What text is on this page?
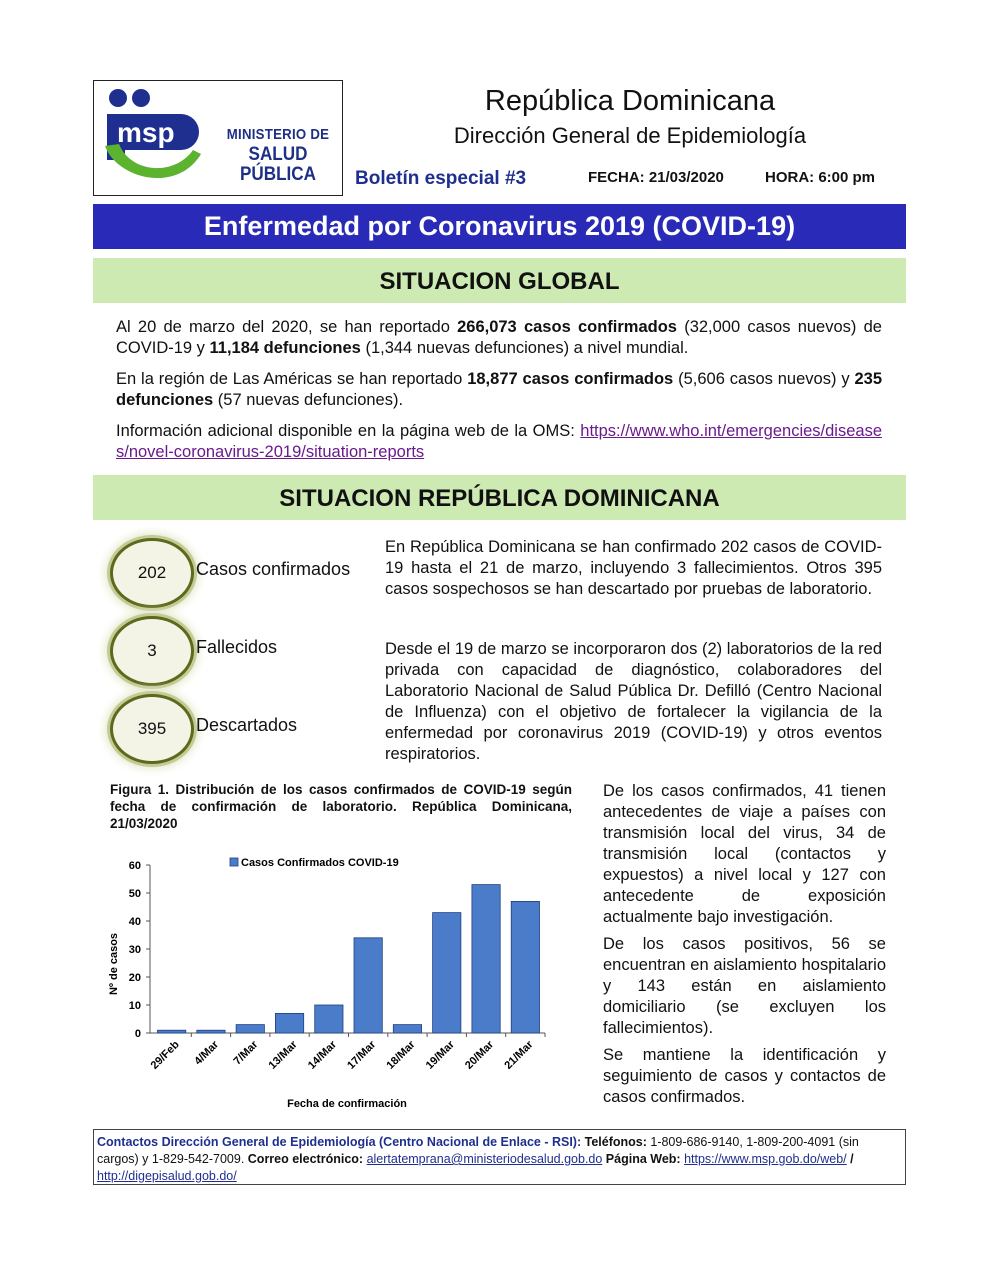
msp	MINISTERIO DE
SALUD PÚBLICA
República Dominicana
Dirección General de Epidemiología
Boletín especial #3	FECHA: 21/03/2020	HORA: 6:00 pm
Enfermedad por Coronavirus 2019 (COVID-19)
SITUACION GLOBAL
Al 20 de marzo del 2020, se han reportado 266,073 casos confirmados (32,000 casos nuevos) de COVID-19 y 11,184 defunciones (1,344 nuevas defunciones) a nivel mundial.
En la región de Las Américas se han reportado 18,877 casos confirmados (5,606 casos nuevos) y 235 defunciones (57 nuevas defunciones).
Información adicional disponible en la página web de la OMS: https://www.who.int/emergencies/diseases/novel-coronavirus-2019/situation-reports
SITUACION REPÚBLICA DOMINICANA
202	Casos confirmados
3	Fallecidos
395	Descartados
En República Dominicana se han confirmado 202 casos de COVID-19 hasta el 21 de marzo, incluyendo 3 fallecimientos. Otros 395 casos sospechosos se han descartado por pruebas de laboratorio.
Desde el 19 de marzo se incorporaron dos (2) laboratorios de la red privada con capacidad de diagnóstico, colaboradores del Laboratorio Nacional de Salud Pública Dr. Defilló (Centro Nacional de Influenza) con el objetivo de fortalecer la vigilancia de la enfermedad por coronavirus 2019 (COVID-19) y otros eventos respiratorios.
Figura 1. Distribución de los casos confirmados de COVID-19 según fecha de confirmación de laboratorio. República Dominicana, 21/03/2020
0
10
20
30
40
50
60
29/Feb 4/Mar 7/Mar 13/Mar 14/Mar 17/Mar 18/Mar 19/Mar 20/Mar 21/Mar
Casos Confirmados COVID-19
Nº de casos
Fecha de confirmación
De los casos confirmados, 41 tienen antecedentes de viaje a países con transmisión local del virus, 34 de transmisión local (contactos y expuestos) a nivel local y 127 con antecedente de exposición actualmente bajo investigación.
De los casos positivos, 56 se encuentran en aislamiento hospitalario y 143 están en aislamiento domiciliario (se excluyen los fallecimientos).
Se mantiene la identificación y seguimiento de casos y contactos de casos confirmados.
Contactos Dirección General de Epidemiología (Centro Nacional de Enlace - RSI): Teléfonos: 1-809-686-9140, 1-809-200-4091 (sin cargos) y 1-829-542-7009. Correo electrónico: alertatemprana@ministeriodesalud.gob.do Página Web: https://www.msp.gob.do/web/ / http://digepisalud.gob.do/
